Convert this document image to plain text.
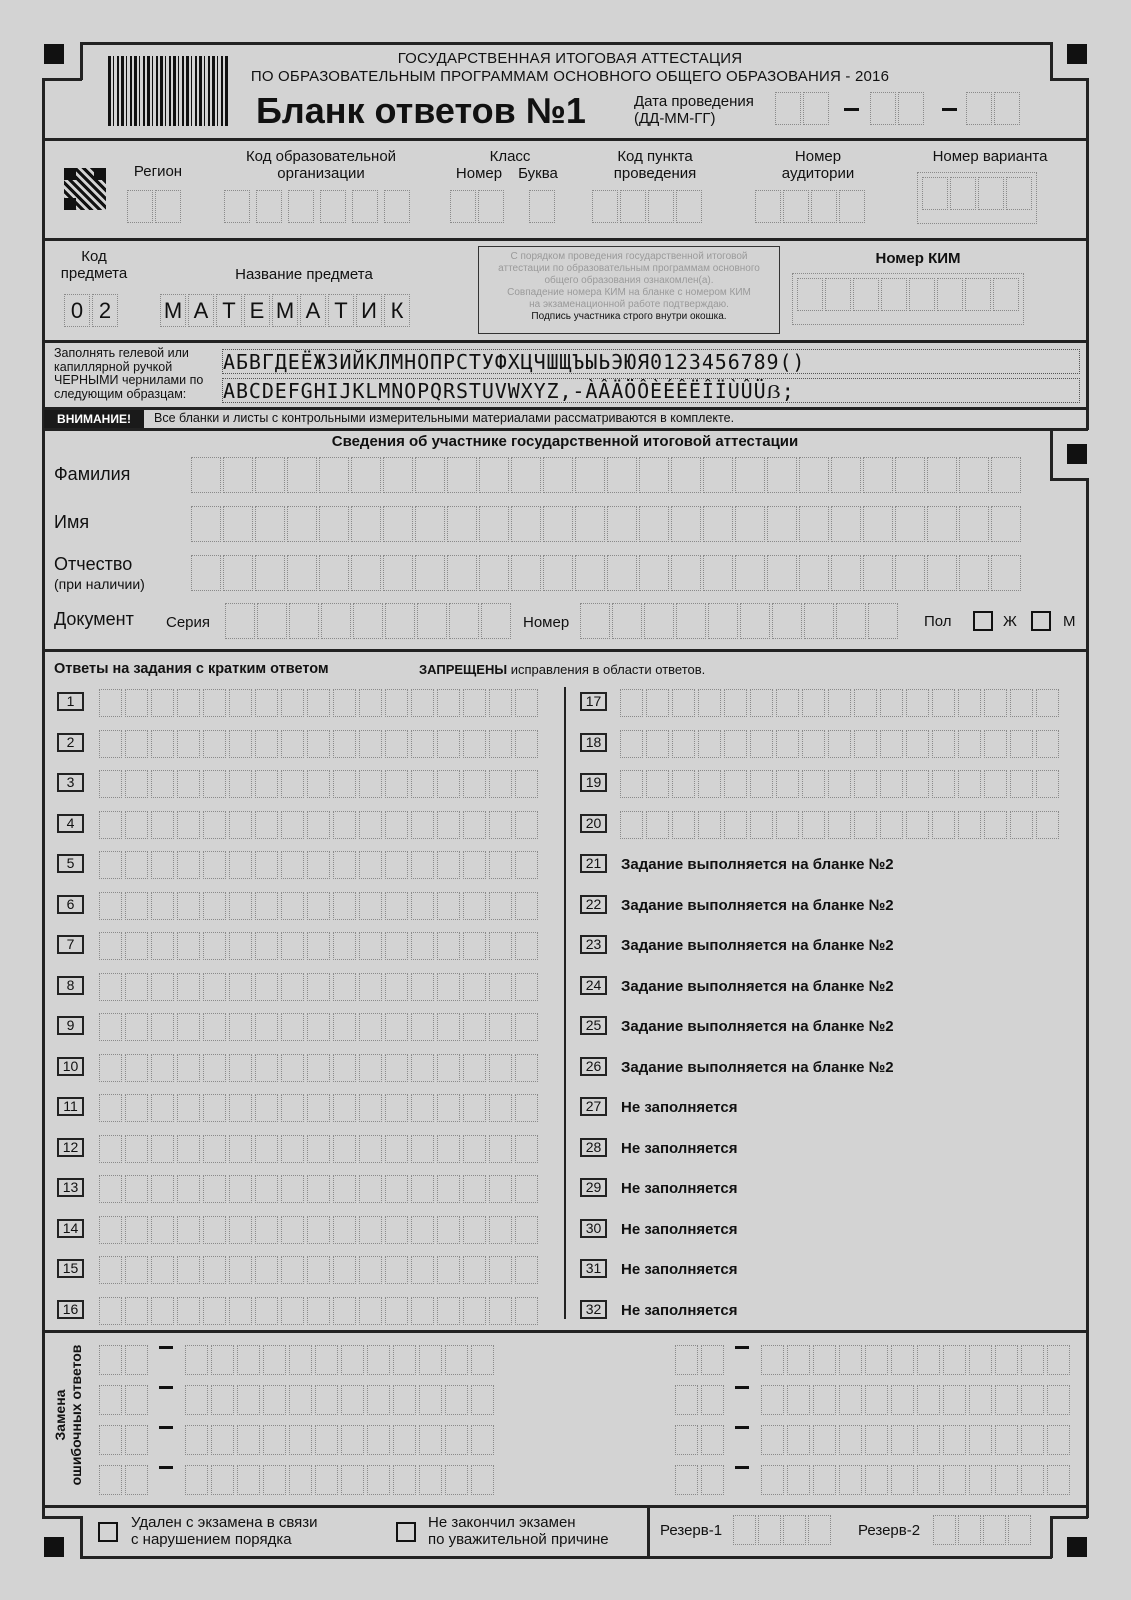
ГОСУДАРСТВЕННАЯ ИТОГОВАЯ АТТЕСТАЦИЯ
ПО ОБРАЗОВАТЕЛЬНЫМ ПРОГРАММАМ ОСНОВНОГО ОБЩЕГО ОБРАЗОВАНИЯ - 2016
Бланк ответов №1	Дата проведения
(ДД-ММ-ГГ)
Регион
Код образовательной организации
Класс
Номер	Буква
Код пункта проведения
Номер аудитории
Номер варианта
Код предмета
0 2
Название предмета
М А Т Е М А Т И К
С порядком проведения государственной итоговой
аттестации по образовательным программам основного
общего образования ознакомлен(а).
Совпадение номера КИМ на бланке с номером КИМ
на экзаменационной работе подтверждаю.
Подпись участника строго внутри окошка.
Номер КИМ
Заполнять гелевой или капиллярной ручкой ЧЕРНЫМИ чернилами по следующим образцам:
АБВГДЕЁЖЗИЙКЛМНОПРСТУФХЦЧШЩЪЫЬЭЮЯ0123456789()
ABCDEFGHIJKLMNOPQRSTUVWXYZ,-ÀÂÄÖÔÈÉÊËÎÏÙÛÜẞ;
ВНИМАНИЕ!	Все бланки и листы с контрольными измерительными материалами рассматриваются в комплекте.
Сведения об участнике государственной итоговой аттестации
Фамилия
Имя
Отчество
(при наличии)
Документ Серия	Номер	Пол	Ж	М
Ответы на задания с кратким ответом	ЗАПРЕЩЕНЫ исправления в области ответов.
1
2
3
4
5
6
7
8
9
10
11
12
13
14
15
16
17
18
19
20
21	Задание выполняется на бланке №2
22	Задание выполняется на бланке №2
23	Задание выполняется на бланке №2
24	Задание выполняется на бланке №2
25	Задание выполняется на бланке №2
26	Задание выполняется на бланке №2
27	Не заполняется
28	Не заполняется
29	Не заполняется
30	Не заполняется
31	Не заполняется
32	Не заполняется
Замена ошибочных ответов
Удален с экзамена в связи
с нарушением порядка
Не закончил экзамен
по уважительной причине
Резерв-1	Резерв-2
